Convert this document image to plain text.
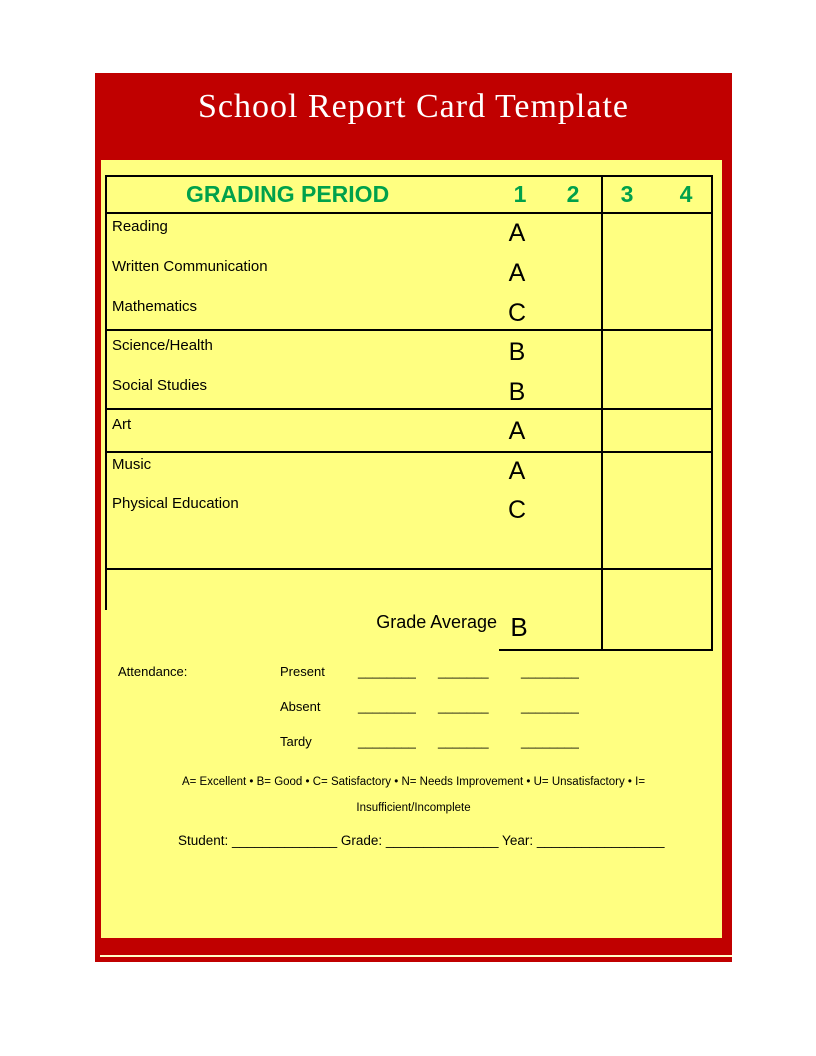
School Report Card Template
GRADING PERIOD	1 2 3 4
Reading	A
Written Communication	A
Mathematics	C
Science/Health	B
Social Studies	B
Art	A
Music	A
Physical Education	C
Grade Average B
Attendance:	Present	________ _______ ________
Absent	________ _______ ________
Tardy	________ _______ ________
A= Excellent • B= Good • C= Satisfactory • N= Needs Improvement • U= Unsatisfactory • I=
Insufficient/Incomplete
Student: ______________ Grade: _______________ Year: _________________
